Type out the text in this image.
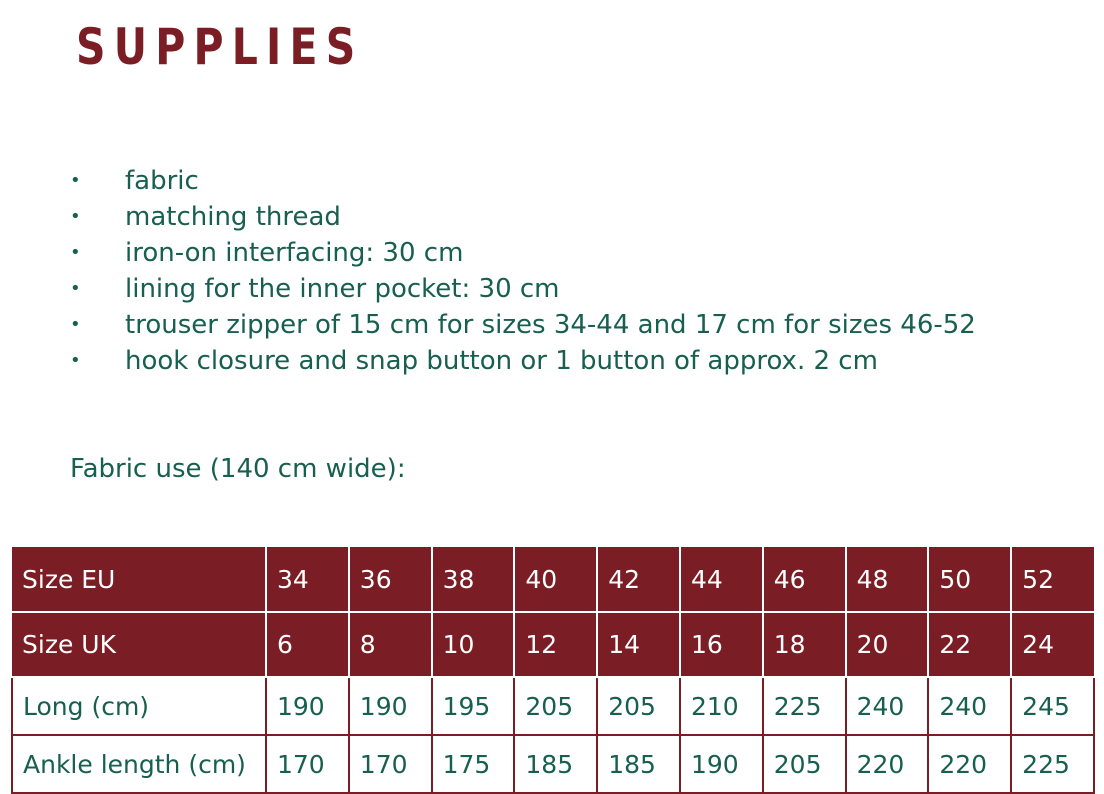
SUPPLIES
•	fabric
•	matching thread
•	iron-on interfacing: 30 cm
•	lining for the inner pocket: 30 cm
•	trouser zipper of 15 cm for sizes 34-44 and 17 cm for sizes 46-52
•	hook closure and snap button or 1 button of approx. 2 cm

Fabric use (140 cm wide):

Size EU	34	36	38	40	42	44	46	48	50	52
Size UK	6	8	10	12	14	16	18	20	22	24
Long (cm)	190	190	195	205	205	210	225	240	240	245
Ankle length (cm)	170	170	175	185	185	190	205	220	220	225
